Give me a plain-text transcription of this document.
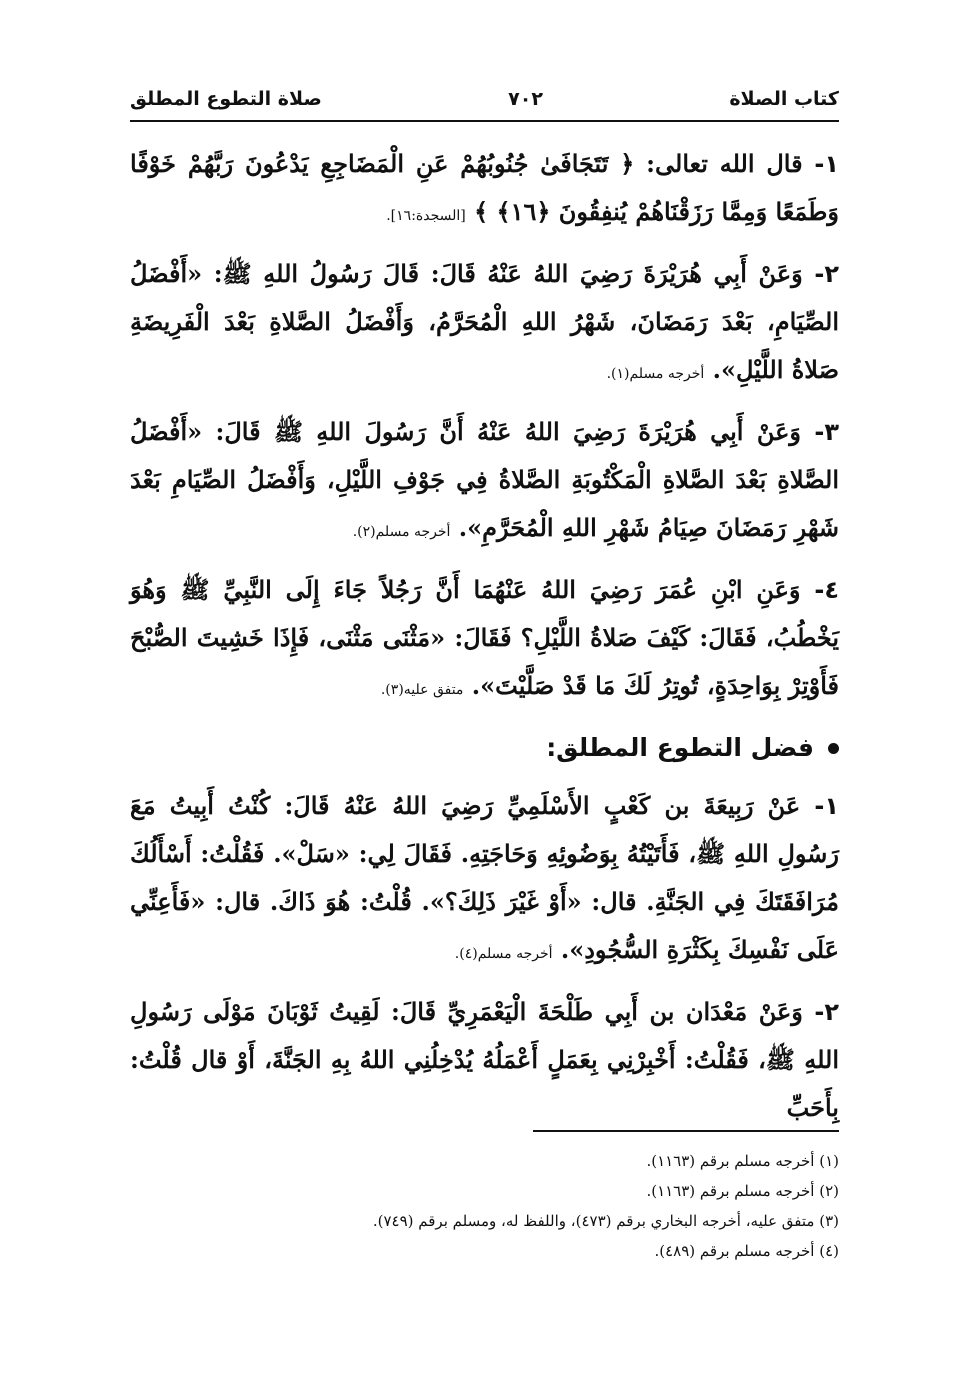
كتاب الصلاة
٧٠٢
صلاة التطوع المطلق

١- قال الله تعالى: ﴿ تَتَجَافَىٰ جُنُوبُهُمْ عَنِ الْمَضَاجِعِ يَدْعُونَ رَبَّهُمْ خَوْفًا وَطَمَعًا وَمِمَّا رَزَقْنَاهُمْ يُنفِقُونَ ﴿١٦﴾ ﴾ [السجدة:١٦].

٢- وَعَنْ أَبِي هُرَيْرَةَ رَضِيَ اللهُ عَنْهُ قَالَ: قَالَ رَسُولُ اللهِ ﷺ: «أَفْضَلُ الصِّيَامِ، بَعْدَ رَمَضَانَ، شَهْرُ اللهِ الْمُحَرَّمُ، وَأَفْضَلُ الصَّلاةِ بَعْدَ الْفَرِيضَةِ صَلاةُ اللَّيْلِ». أخرجه مسلم(١).

٣- وَعَنْ أَبِي هُرَيْرَةَ رَضِيَ اللهُ عَنْهُ أَنَّ رَسُولَ اللهِ ﷺ قَالَ: «أَفْضَلُ الصَّلاةِ بَعْدَ الصَّلاةِ الْمَكْتُوبَةِ الصَّلاةُ فِي جَوْفِ اللَّيْلِ، وَأَفْضَلُ الصِّيَامِ بَعْدَ شَهْرِ رَمَضَانَ صِيَامُ شَهْرِ اللهِ الْمُحَرَّمِ». أخرجه مسلم(٢).

٤- وَعَنِ ابْنِ عُمَرَ رَضِيَ اللهُ عَنْهُمَا أَنَّ رَجُلاً جَاءَ إِلَى النَّبِيِّ ﷺ وَهُوَ يَخْطُبُ، فَقَالَ: كَيْفَ صَلاةُ اللَّيْلِ؟ فَقَالَ: «مَثْنَى مَثْنَى، فَإِذَا خَشِيتَ الصُّبْحَ فَأَوْتِرْ بِوَاحِدَةٍ، تُوتِرُ لَكَ مَا قَدْ صَلَّيْتَ». متفق عليه(٣).

فضل التطوع المطلق:

١- عَنْ رَبِيعَةَ بن كَعْبٍ الأَسْلَمِيِّ رَضِيَ اللهُ عَنْهُ قَالَ: كُنْتُ أَبِيتُ مَعَ رَسُولِ اللهِ ﷺ، فَأَتَيْتُهُ بِوَضُوئِهِ وَحَاجَتِهِ. فَقَالَ لِي: «سَلْ». فَقُلْتُ: أَسْأَلُكَ مُرَافَقَتَكَ فِي الجَنَّةِ. قال: «أَوْ غَيْرَ ذَلِكَ؟». قُلْتُ: هُوَ ذَاكَ. قال: «فَأَعِنِّي عَلَى نَفْسِكَ بِكَثْرَةِ السُّجُودِ». أخرجه مسلم(٤).

٢- وَعَنْ مَعْدَان بن أَبِي طَلْحَةَ الْيَعْمَرِيِّ قَالَ: لَقِيتُ ثَوْبَانَ مَوْلَى رَسُولِ اللهِ ﷺ، فَقُلْتُ: أَخْبِرْنِي بِعَمَلٍ أَعْمَلُهُ يُدْخِلُنِي اللهُ بِهِ الجَنَّةَ، أَوْ قال قُلْتُ: بِأَحَبِّ

(١) أخرجه مسلم برقم (١١٦٣).

(٢) أخرجه مسلم برقم (١١٦٣).

(٣) متفق عليه، أخرجه البخاري برقم (٤٧٣)، واللفظ له، ومسلم برقم (٧٤٩).

(٤) أخرجه مسلم برقم (٤٨٩).
